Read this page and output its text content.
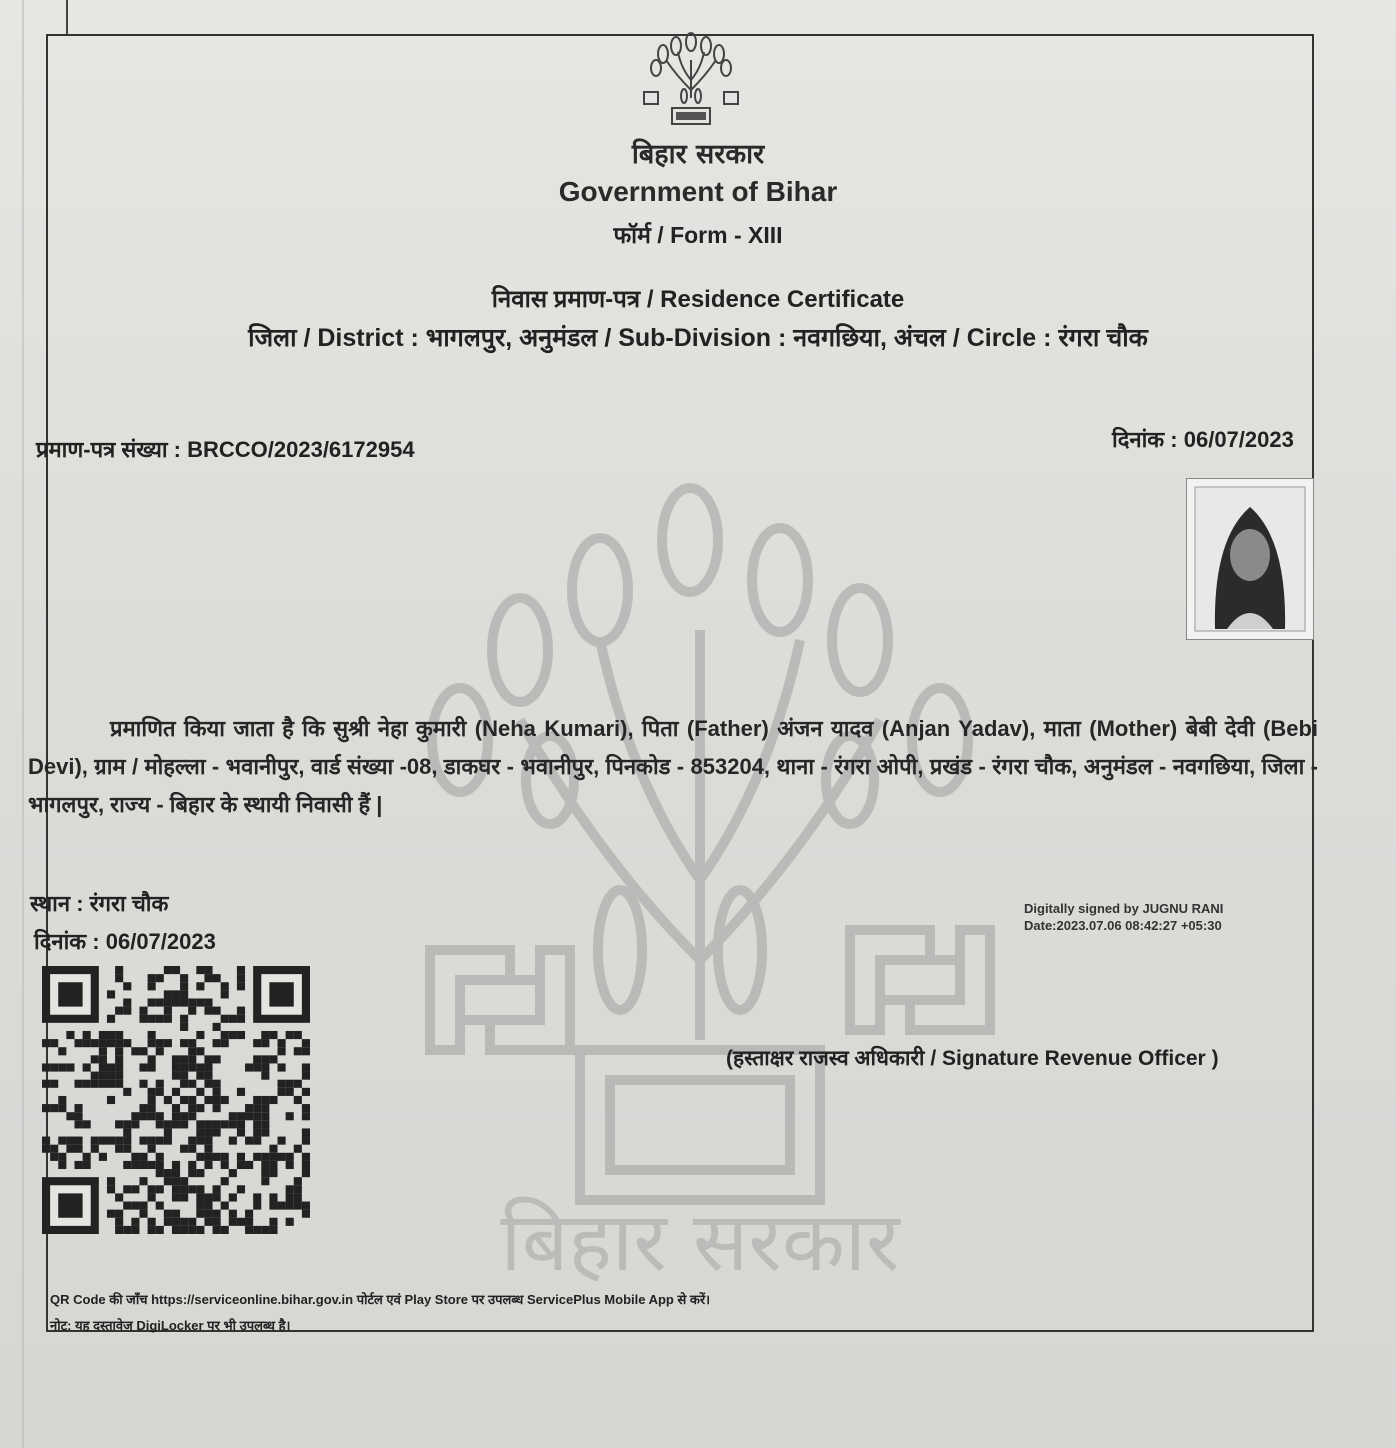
बिहार सरकार
Government of Bihar
फॉर्म / Form - XIII
निवास प्रमाण-पत्र / Residence Certificate
जिला / District : भागलपुर, अनुमंडल / Sub-Division : नवगछिया, अंचल / Circle : रंगरा चौक
बिहार सरकार
प्रमाण-पत्र संख्या : BRCCO/2023/6172954	दिनांक : 06/07/2023

प्रमाणित किया जाता है कि सुश्री नेहा कुमारी (Neha Kumari), पिता (Father) अंजन यादव (Anjan Yadav), माता (Mother) बेबी देवी (Bebi Devi), ग्राम / मोहल्ला - भवानीपुर, वार्ड संख्या -08, डाकघर - भवानीपुर, पिनकोड - 853204, थाना - रंगरा ओपी, प्रखंड - रंगरा चौक, अनुमंडल - नवगछिया, जिला - भागलपुर, राज्य - बिहार के स्थायी निवासी हैं |

स्थान : रंगरा चौक
दिनांक : 06/07/2023
Digitally signed by JUGNU RANI
Date:2023.07.06 08:42:27 +05:30
(हस्ताक्षर राजस्व अधिकारी / Signature Revenue Officer )
QR Code की जाँच https://serviceonline.bihar.gov.in पोर्टल एवं Play Store पर उपलब्ध ServicePlus Mobile App से करें।
नोट: यह दस्तावेज DigiLocker पर भी उपलब्ध है।
